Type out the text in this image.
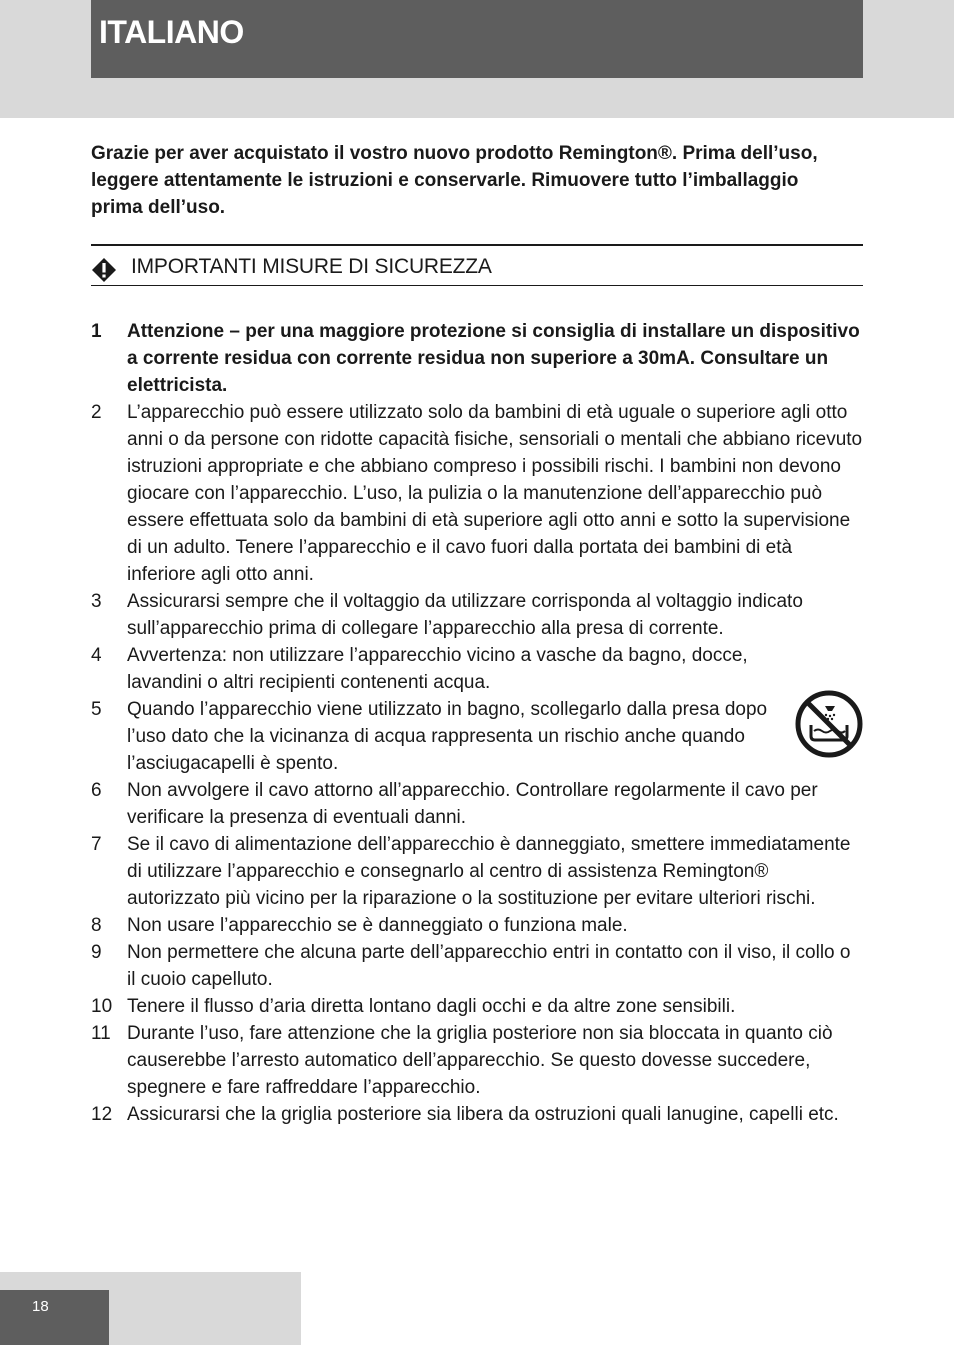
ITALIANO
Grazie per aver acquistato il vostro nuovo prodotto Remington®. Prima dell’uso, leggere attentamente le istruzioni e conservarle. Rimuovere tutto l’imballaggio prima dell’uso.
IMPORTANTI MISURE DI SICUREZZA
1	Attenzione – per una maggiore protezione si consiglia di installare un dispositivo a corrente residua con corrente residua non superiore a 30mA. Consultare un elettricista.
2	L’apparecchio può essere utilizzato solo da bambini di età uguale o superiore agli otto anni o da persone con ridotte capacità fisiche, sensoriali o mentali che abbiano ricevuto istruzioni appropriate e che abbiano compreso i possibili rischi. I bambini non devono giocare con l’apparecchio. L’uso, la pulizia o la manutenzione dell’apparecchio può essere effettuata solo da bambini di età superiore agli otto anni e sotto la supervisione di un adulto. Tenere l’apparecchio e il cavo fuori dalla portata dei bambini di età inferiore agli otto anni.
3	Assicurarsi sempre che il voltaggio da utilizzare corrisponda al voltaggio indicato sull’apparecchio prima di collegare l’apparecchio alla presa di corrente.
4	Avvertenza: non utilizzare l’apparecchio vicino a vasche da bagno, docce, lavandini o altri recipienti contenenti acqua.
5	Quando l’apparecchio viene utilizzato in bagno, scollegarlo dalla presa dopo l’uso dato che la vicinanza di acqua rappresenta un rischio anche quando l’asciugacapelli è spento.
6	Non avvolgere il cavo attorno all’apparecchio. Controllare regolarmente il cavo per verificare la presenza di eventuali danni.
7	Se il cavo di alimentazione dell’apparecchio è danneggiato, smettere immediatamente di utilizzare l’apparecchio e consegnarlo al centro di assistenza Remington® autorizzato più vicino per la riparazione o la sostituzione per evitare ulteriori rischi.
8	Non usare l’apparecchio se è danneggiato o funziona male.
9	Non permettere che alcuna parte dell’apparecchio entri in contatto con il viso, il collo o il cuoio capelluto.
10 Tenere il flusso d’aria diretta lontano dagli occhi e da altre zone sensibili.
11 Durante l’uso, fare attenzione che la griglia posteriore non sia bloccata in quanto ciò causerebbe l’arresto automatico dell’apparecchio. Se questo dovesse succedere, spegnere e fare raffreddare l’apparecchio.
12 Assicurarsi che la griglia posteriore sia libera da ostruzioni quali lanugine, capelli etc.
18
